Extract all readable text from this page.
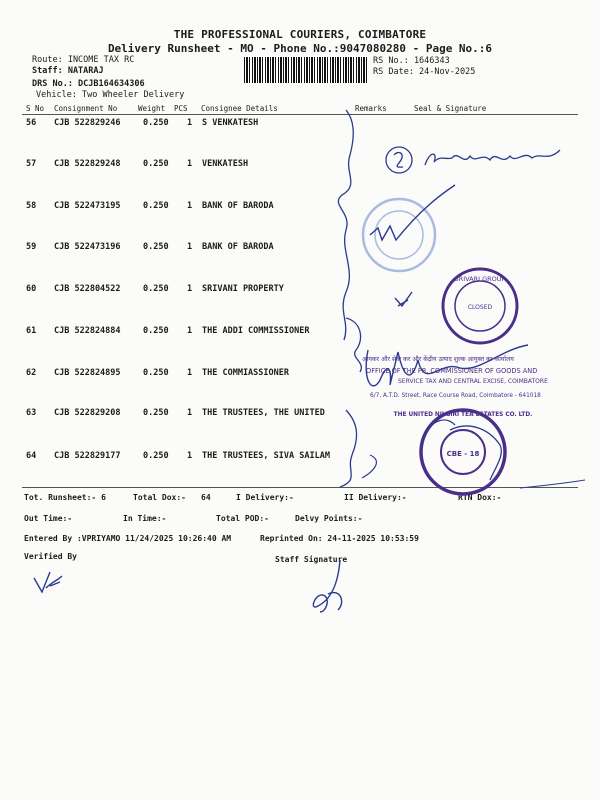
THE PROFESSIONAL COURIERS, COIMBATORE
Delivery Runsheet - MO - Phone No.:9047080280 - Page No.:6
Route: INCOME TAX RC
Staff: NATARAJ
DRS No.: DCJB164634306
Vehicle: Two Wheeler Delivery
RS No.: 1646343
RS Date: 24-Nov-2025
S No Consignment No	Weight PCS Consignee Details	Remarks	Seal & Signature
56 CJB 522829246	0.250 1 S VENKATESH
57 CJB 522829248	0.250 1 VENKATESH
58 CJB 522473195	0.250 1 BANK OF BARODA
59 CJB 522473196	0.250 1 BANK OF BARODA
60 CJB 522804522	0.250 1 SRIVANI PROPERTY
61 CJB 522824884	0.250 1 THE ADDI COMMISSIONER
62 CJB 522824895	0.250 1 THE COMMIASSIONER
63 CJB 522829208	0.250 1 THE TRUSTEES, THE UNITED
64 CJB 522829177	0.250 1 THE TRUSTEES, SIVA SAILAM
Tot. Runsheet:- 6	Total Dox:- 64	I Delivery:-	II Delivery:-	RTN Dox:-
Out Time:-	In Time:-	Total POD:-	Delvy Points:-
Entered By :VPRIYAMO 11/24/2025 10:26:40 AM	Reprinted On: 24-11-2025 10:53:59
Verified By	Staff Signature
SRIVARI GROUP
CLOSED
आयकर और सेवा कर और केंद्रीय उत्पाद शुल्क आयुक्त का कार्यालय
OFFICE OF THE PR. COMMISSIONER OF GOODS AND
SERVICE TAX AND CENTRAL EXCISE, COIMBATORE
6/7, A.T.D. Street, Race Course Road, Coimbatore - 641018
THE UNITED NILGIRI TEA ESTATES CO. LTD.
CBE - 18
